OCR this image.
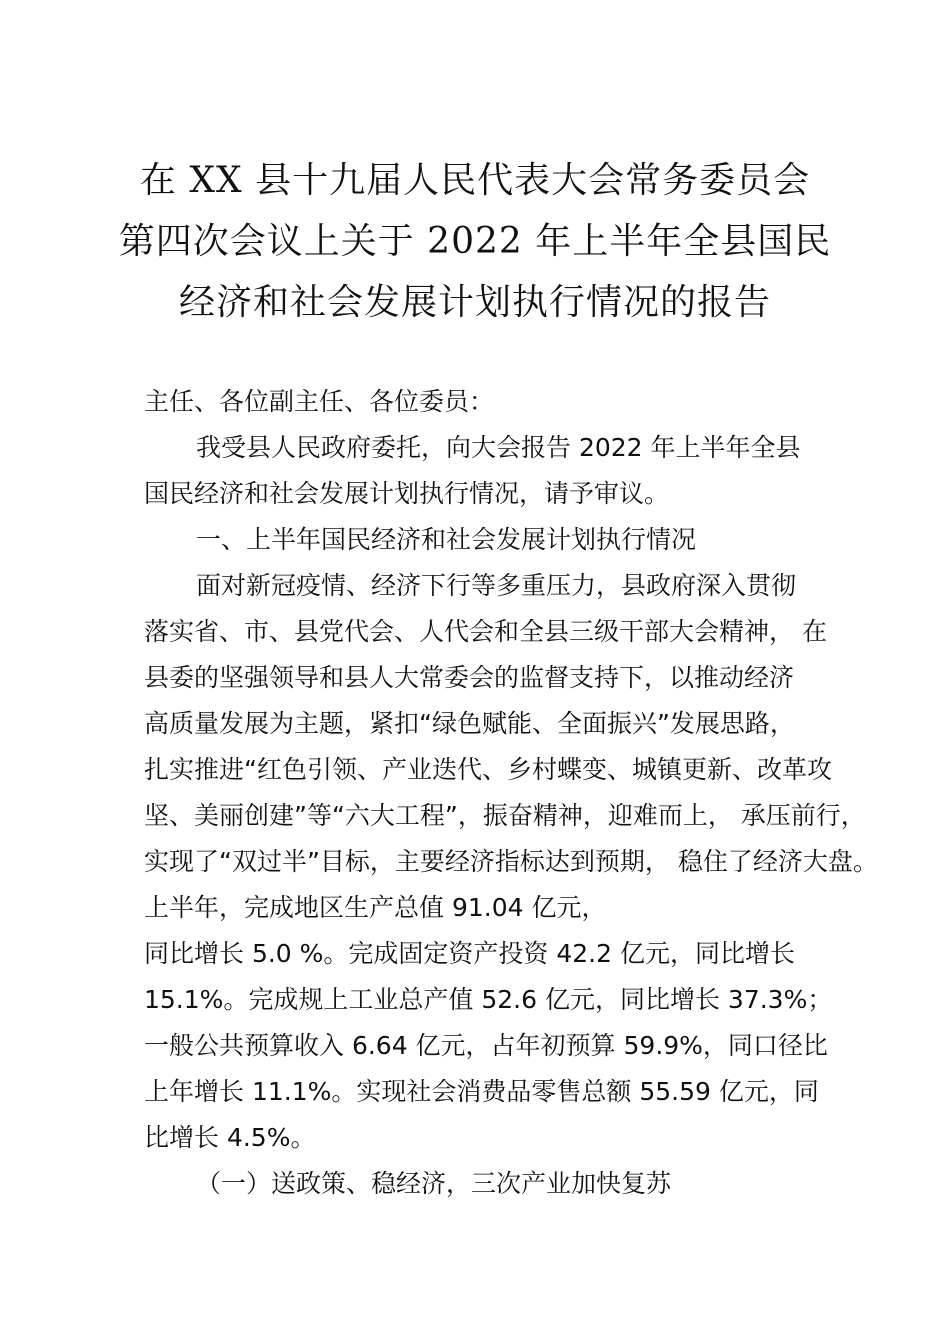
在 XX 县十九届人民代表大会常务委员会
第四次会议上关于 2022 年上半年全县国民
经济和社会发展计划执行情况的报告
主任、各位副主任、各位委员：
我受县人民政府委托，向大会报告 2022 年上半年全县
国民经济和社会发展计划执行情况，请予审议。
一、上半年国民经济和社会发展计划执行情况
面对新冠疫情、经济下行等多重压力，县政府深入贯彻
落实省、市、县党代会、人代会和全县三级干部大会精神， 在
县委的坚强领导和县人大常委会的监督支持下，以推动经济
高质量发展为主题，紧扣“绿色赋能、全面振兴”发展思路，
扎实推进“红色引领、产业迭代、乡村蝶变、城镇更新、改革攻
坚、美丽创建”等“六大工程”，振奋精神，迎难而上， 承压前行，
实现了“双过半”目标，主要经济指标达到预期， 稳住了经济大盘。
上半年，完成地区生产总值 91.04 亿元，
同比增长 5.0 %。完成固定资产投资 42.2 亿元，同比增长
15.1%。完成规上工业总产值 52.6 亿元，同比增长 37.3%；
一般公共预算收入 6.64 亿元，占年初预算 59.9%，同口径比
上年增长 11.1%。实现社会消费品零售总额 55.59 亿元，同
比增长 4.5%。
（一）送政策、稳经济，三次产业加快复苏
